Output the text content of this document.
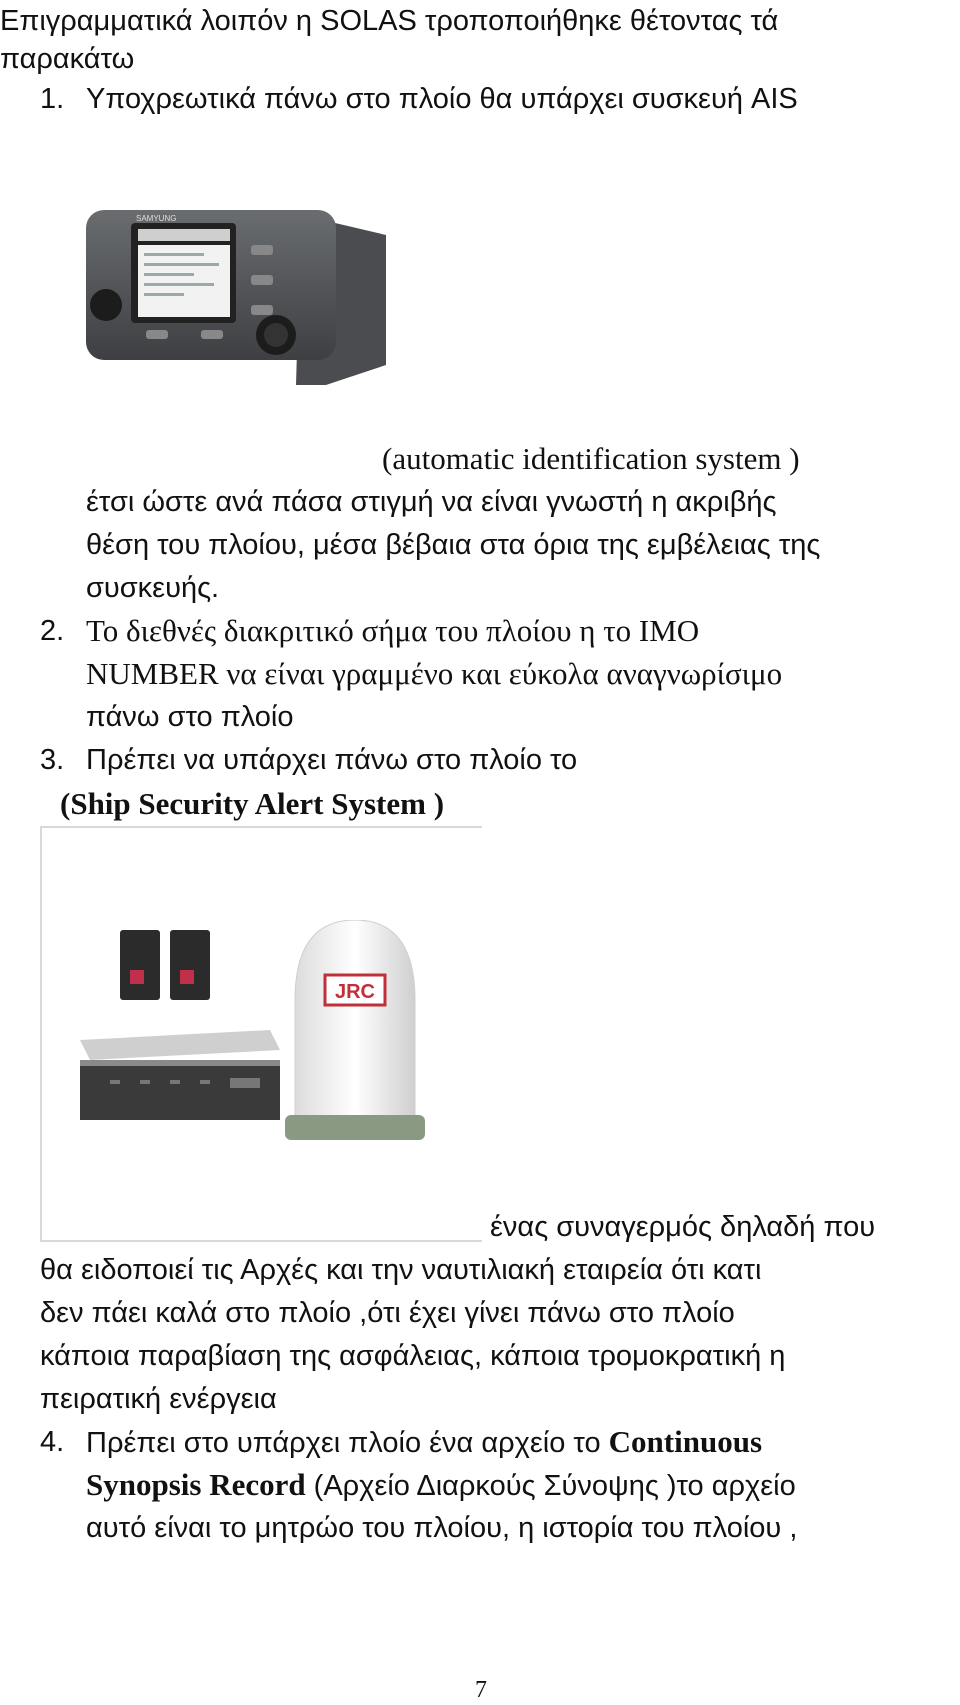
Επιγραμματικά λοιπόν η SOLAS τροποποιήθηκε θέτοντας τά
παρακάτω
1. Υποχρεωτικά πάνω στο πλοίο θα υπάρχει συσκευή AIS
SAMYUNG
(automatic identification system )
έτσι ώστε ανά πάσα στιγμή να είναι γνωστή η ακριβής
θέση του πλοίου, μέσα βέβαια στα όρια της εμβέλειας της
συσκευής.
2. Το διεθνές διακριτικό σήμα του πλοίου η το IMO
NUMBER να είναι γραμμένο και εύκολα αναγνωρίσιμο
πάνω στο πλοίο
3. Πρέπει να υπάρχει πάνω στο πλοίο το
(Ship Security Alert System )
JRC
ένας συναγερμός δηλαδή που
θα ειδοποιεί τις Αρχές και την ναυτιλιακή εταιρεία ότι κατι
δεν πάει καλά στο πλοίο ,ότι έχει γίνει πάνω στο πλοίο
κάποια παραβίαση της ασφάλειας, κάποια τρομοκρατική η
πειρατική ενέργεια
4. Πρέπει στο υπάρχει πλοίο ένα αρχείο το Continuous
Synopsis Record (Αρχείο Διαρκούς Σύνοψης )το αρχείο
αυτό είναι το μητρώο του πλοίου, η ιστορία του πλοίου ,
7
